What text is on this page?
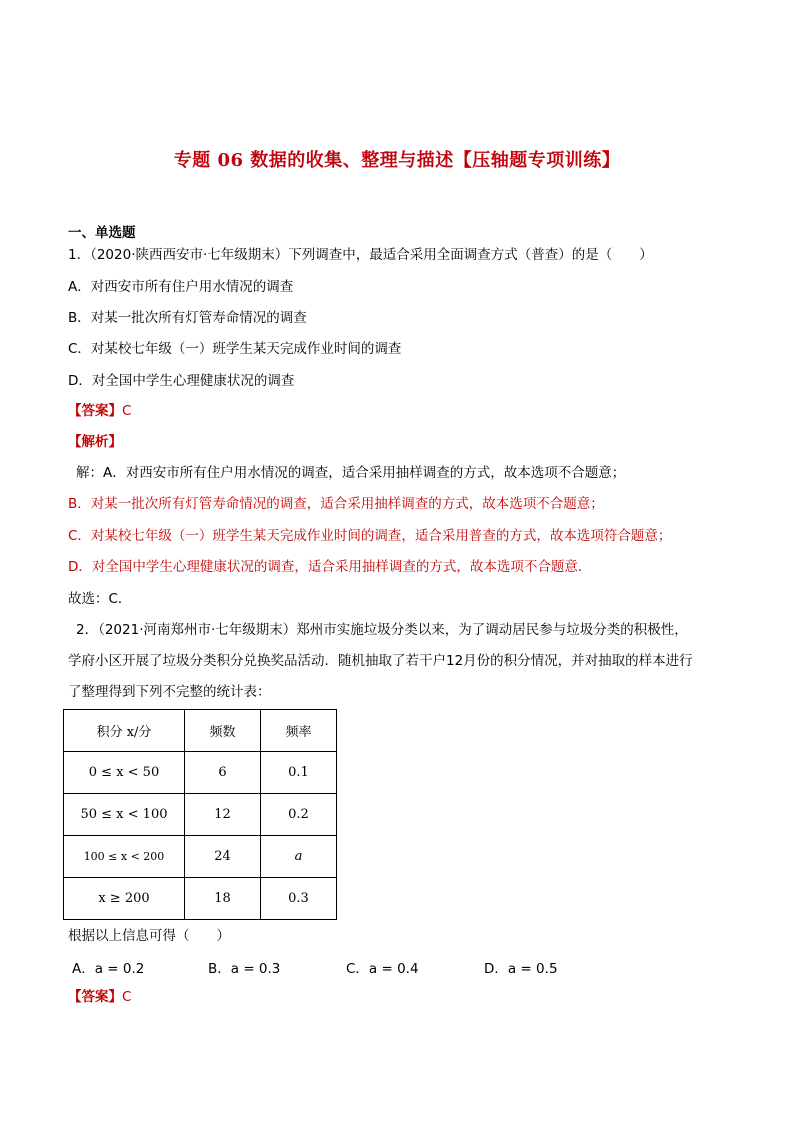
专题 06 数据的收集、整理与描述【压轴题专项训练】
一、单选题
1．（2020·陕西西安市·七年级期末）下列调查中，最适合采用全面调查方式（普查）的是（　　）
A．对西安市所有住户用水情况的调查
B．对某一批次所有灯管寿命情况的调查
C．对某校七年级（一）班学生某天完成作业时间的调查
D．对全国中学生心理健康状况的调查
【答案】C
【解析】
解：A．对西安市所有住户用水情况的调查，适合采用抽样调查的方式，故本选项不合题意；
B．对某一批次所有灯管寿命情况的调查，适合采用抽样调查的方式，故本选项不合题意；
C．对某校七年级（一）班学生某天完成作业时间的调查，适合采用普查的方式，故本选项符合题意；
D．对全国中学生心理健康状况的调查，适合采用抽样调查的方式，故本选项不合题意．
故选：C．
2．（2021·河南郑州市·七年级期末）郑州市实施垃圾分类以来，为了调动居民参与垃圾分类的积极性，
学府小区开展了垃圾分类积分兑换奖品活动．随机抽取了若干户12月份的积分情况，并对抽取的样本进行
了整理得到下列不完整的统计表：
积分 x/分	频数	频率
0 ≤ x < 50	6	0.1
50 ≤ x < 100	12	0.2
100 ≤ x < 200	24	a
x ≥ 200	18	0.3
根据以上信息可得（　　）
A．a = 0.2	B．a = 0.3	C．a = 0.4	D．a = 0.5
【答案】C
